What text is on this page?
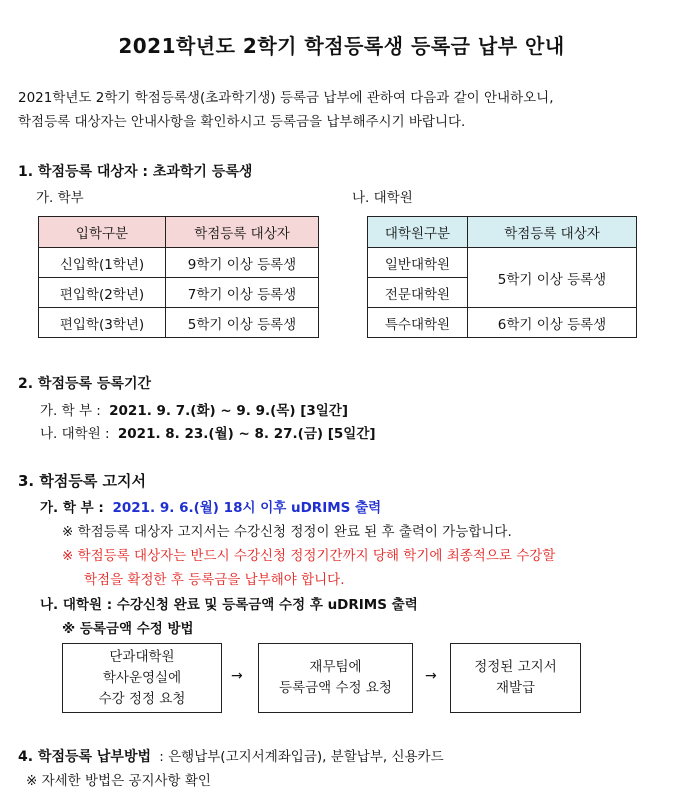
2021학년도 2학기 학점등록생 등록금 납부 안내
2021학년도 2학기 학점등록생(초과학기생) 등록금 납부에 관하여 다음과 같이 안내하오니,
학점등록 대상자는 안내사항을 확인하시고 등록금을 납부해주시기 바랍니다.
1. 학점등록 대상자 : 초과학기 등록생
가. 학부	나. 대학원
입학구분	학점등록 대상자
신입학(1학년)	9학기 이상 등록생
편입학(2학년)	7학기 이상 등록생
편입학(3학년)	5학기 이상 등록생
대학원구분	학점등록 대상자
일반대학원	5학기 이상 등록생
전문대학원	
특수대학원	6학기 이상 등록생
2. 학점등록 등록기간
가. 학 부 : 2021. 9. 7.(화) ~ 9. 9.(목) [3일간]
나. 대학원 : 2021. 8. 23.(월) ~ 8. 27.(금) [5일간]
3. 학점등록 고지서
가. 학 부 : 2021. 9. 6.(월) 18시 이후 uDRIMS 출력
※ 학점등록 대상자 고지서는 수강신청 정정이 완료 된 후 출력이 가능합니다.
※ 학점등록 대상자는 반드시 수강신청 정정기간까지 당해 학기에 최종적으로 수강할
학점을 확정한 후 등록금을 납부해야 합니다.
나. 대학원 : 수강신청 완료 및 등록금액 수정 후 uDRIMS 출력
※ 등록금액 수정 방법
단과대학원
학사운영실에
수강 정정 요청
→
재무팀에
등록금액 수정 요청
→
정정된 고지서
재발급
4. 학점등록 납부방법 : 은행납부(고지서계좌입금), 분할납부, 신용카드
※ 자세한 방법은 공지사항 확인
